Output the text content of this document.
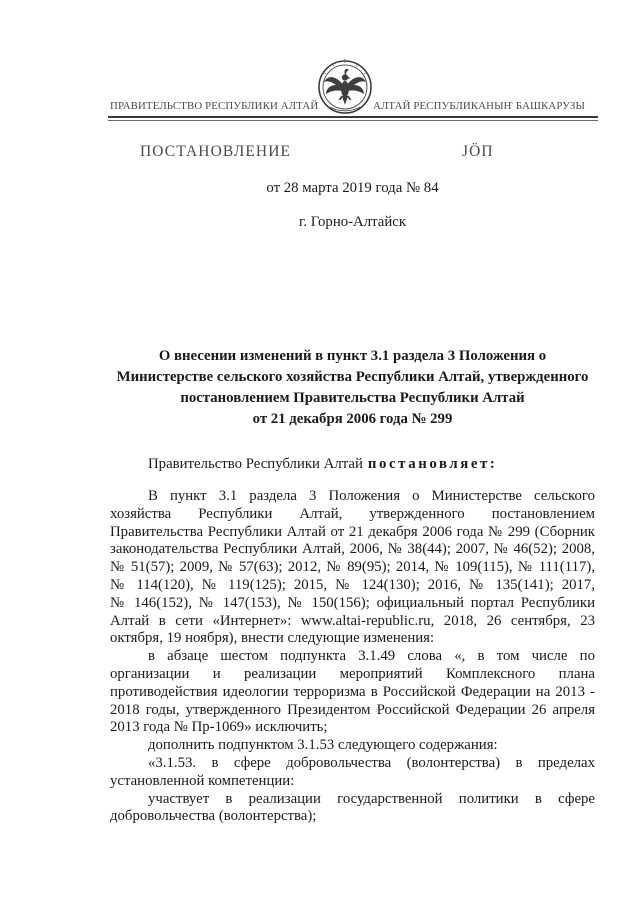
ПРАВИТЕЛЬСТВО РЕСПУБЛИКИ АЛТАЙ	АЛТАЙ РЕСПУБЛИКАНЫҤ БАШКАРУЗЫ
ПОСТАНОВЛЕНИЕ	ЈӦП
от 28 марта 2019 года № 84
г. Горно-Алтайск
О внесении изменений в пункт 3.1 раздела 3 Положения о
Министерстве сельского хозяйства Республики Алтай, утвержденного
постановлением Правительства Республики Алтай
от 21 декабря 2006 года № 299
Правительство Республики Алтай постановляет:
В пункт 3.1 раздела 3 Положения о Министерстве сельского
хозяйства Республики Алтай, утвержденного постановлением
Правительства Республики Алтай от 21 декабря 2006 года № 299 (Сборник
законодательства Республики Алтай, 2006, № 38(44); 2007, № 46(52); 2008,
№ 51(57); 2009, № 57(63); 2012, № 89(95); 2014, № 109(115), № 111(117),
№ 114(120), № 119(125); 2015, № 124(130); 2016, № 135(141); 2017,
№ 146(152), № 147(153), № 150(156); официальный портал Республики
Алтай в сети «Интернет»: www.altai-republic.ru, 2018, 26 сентября, 23
октября, 19 ноября), внести следующие изменения:
в абзаце шестом подпункта 3.1.49 слова «, в том числе по
организации и реализации мероприятий Комплексного плана
противодействия идеологии терроризма в Российской Федерации на 2013 -
2018 годы, утвержденного Президентом Российской Федерации 26 апреля
2013 года № Пр-1069» исключить;
дополнить подпунктом 3.1.53 следующего содержания:
«3.1.53. в сфере добровольчества (волонтерства) в пределах
установленной компетенции:
участвует в реализации государственной политики в сфере
добровольчества (волонтерства);
